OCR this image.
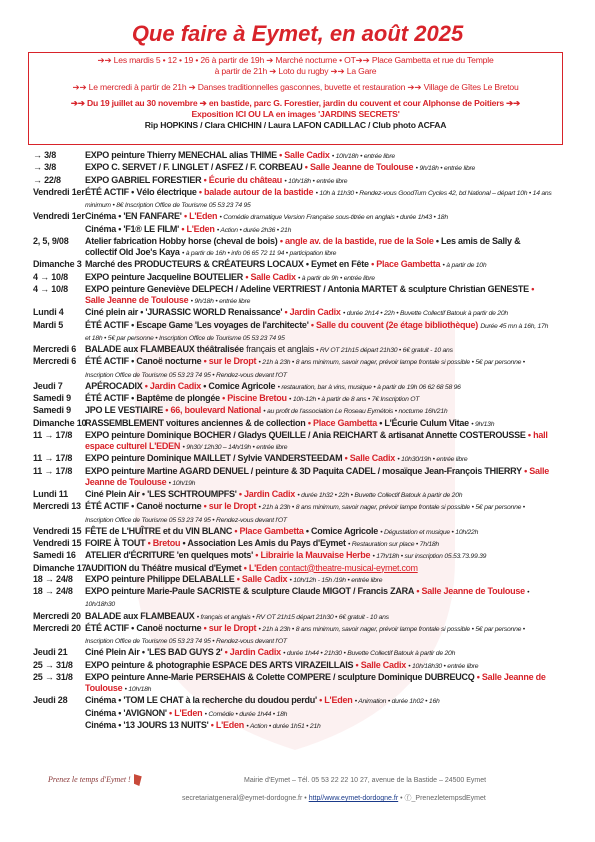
Que faire à Eymet, en août 2025
➔➔ Les mardis 5 • 12 • 19 • 26 à partir de 19h ➔ Marché nocturne • OT➔➔ Place Gambetta et rue du Temple
à partir de 21h ➔ Loto du rugby ➔➔ La Gare
➔➔ Le mercredi à partir de 21h ➔ Danses traditionnelles gasconnes, buvette et restauration ➔➔ Village de Gîtes Le Bretou
➔➔ Du 19 juillet au 30 novembre ➔ en bastide, parc G. Forestier, jardin du couvent et cour Alphonse de Poitiers ➔➔
Exposition ICI OU LA en images 'JARDINS SECRETS'
Rip HOPKINS / Clara CHICHIN / Laura LAFON CADILLAC / Club photo ACFAA
→ 3/8	EXPO peinture Thierry MENECHAL alias THIME • Salle Cadix • 10h/18h • entrée libre
→ 3/8	EXPO C. SERVET / F. LINGLET / ASFEZ / F. CORBEAU • Salle Jeanne de Toulouse • 9h/18h • entrée libre
→ 22/8	EXPO GABRIEL FORESTIER • Écurie du château • 10h/18h • entrée libre
Vendredi 1er ÉTÉ ACTIF • Vélo électrique • balade autour de la bastide • 10h à 11h30 • Rendez-vous GoodTurn Cycles 42, bd National – départ 10h • 14 ans minimum • 8€ Inscription Office de Tourisme 05 53 23 74 95
Vendredi 1er Cinéma • 'EN FANFARE' • L'Eden • Comédie dramatique Version Française sous-titrée en anglais • durée 1h43 • 18h
Cinéma • 'F1® LE FILM' • L'Eden • Action • durée 2h36 • 21h
2, 5, 9/08	Atelier fabrication Hobby horse (cheval de bois) • angle av. de la bastide, rue de la Sole • Les amis de Sally & collectif Old Joe's Kaya • à partir de 16h • info 06 65 72 11 94 • participation libre
Dimanche 3 Marché des PRODUCTEURS & CRÉATEURS LOCAUX • Eymet en Fête • Place Gambetta • à partir de 10h
4 → 10/8	EXPO peinture Jacqueline BOUTELIER • Salle Cadix • à partir de 9h • entrée libre
4 → 10/8	EXPO peinture Geneviève DELPECH / Adeline VERTRIEST / Antonia MARTET & sculpture Christian GENESTE • Salle Jeanne de Toulouse • 9h/18h • entrée libre
Lundi 4	Ciné plein air • 'JURASSIC WORLD Renaissance' • Jardin Cadix • durée 2h14 • 22h • Buvette Collectif Batouk à partir de 20h
Mardi 5	ÉTÉ ACTIF • Escape Game 'Les voyages de l'architecte' • Salle du couvent (2e étage bibliothèque) Durée 45 mn à 16h, 17h et 18h • 5€ par personne • Inscription Office de Tourisme 05 53 23 74 95
Mercredi 6 BALADE aux FLAMBEAUX théâtralisée français et anglais • RV OT 21h15 départ 21h30 • 6€ gratuit - 10 ans
Mercredi 6 ÉTÉ ACTIF • Canoë nocturne • sur le Dropt • 21h à 23h • 8 ans minimum, savoir nager, prévoir lampe frontale si possible • 5€ par personne • Inscription Office de Tourisme 05 53 23 74 95 • Rendez-vous devant l'OT
Jeudi 7	APÉROCADIX • Jardin Cadix • Comice Agricole • restauration, bar à vins, musique • à partir de 19h 06 62 68 58 96
Samedi 9	ÉTÉ ACTIF • Baptême de plongée • Piscine Bretou • 10h-12h • à partir de 8 ans • 7€ Inscription OT
Samedi 9	JPO LE VESTIAIRE • 66, boulevard National • au profit de l'association Le Roseau Eymétois • nocturne 16h/21h
Dimanche 10
RASSEMBLEMENT voitures anciennes & de collection • Place Gambetta • L'Écurie Culum Vitae • 9h/13h
11 → 17/8	EXPO peinture Dominique BOCHER / Gladys QUEILLE / Ania REICHART & artisanat Annette COSTEROUSSE • hall espace culturel L'EDEN • 9h30/ 12h30 – 14h/19h • entrée libre
11 → 17/8	EXPO peinture Dominique MAILLET / Sylvie VANDERSTEEDAM • Salle Cadix • 10h30/19h • entrée libre
11 → 17/8	EXPO peinture Martine AGARD DENUEL / peinture & 3D Paquita CADEL / mosaïque Jean-François THIERRY • Salle Jeanne de Toulouse • 10h/19h
Lundi 11	Ciné Plein Air • 'LES SCHTROUMPFS' • Jardin Cadix • durée 1h32 • 22h • Buvette Collectif Batouk à partir de 20h
Mercredi 13 ÉTÉ ACTIF • Canoë nocturne • sur le Dropt • 21h à 23h • 8 ans minimum, savoir nager, prévoir lampe frontale si possible • 5€ par personne • Inscription Office de Tourisme 05 53 23 74 95 • Rendez-vous devant l'OT
Vendredi 15 FÊTE de L'HUÎTRE et du VIN BLANC • Place Gambetta • Comice Agricole • Dégustation et musique • 10h/22h
Vendredi 15 FOIRE À TOUT • Bretou • Association Les Amis du Pays d'Eymet • Restauration sur place • 7h/18h
Samedi 16	ATELIER d'ÉCRITURE 'en quelques mots' • Librairie la Mauvaise Herbe • 17h/18h • sur inscription 05.53.73.99.39
Dimanche 17
AUDITION du Théâtre musical d'Eymet • L'Eden contact@theatre-musical-eymet.com
18 → 24/8	EXPO peinture Philippe DELABALLE • Salle Cadix • 10h/12h - 15h /19h • entrée libre
18 → 24/8	EXPO peinture Marie-Paule SACRISTE & sculpture Claude MIGOT / Francis ZARA • Salle Jeanne de Toulouse • 10h/18h30
Mercredi 20 BALADE aux FLAMBEAUX • français et anglais • RV OT 21h15 départ 21h30 • 6€ gratuit - 10 ans
Mercredi 20 ÉTÉ ACTIF • Canoë nocturne • sur le Dropt • 21h à 23h • 8 ans minimum, savoir nager, prévoir lampe frontale si possible • 5€ par personne • Inscription Office de Tourisme 05 53 23 74 95 • Rendez-vous devant l'OT
Jeudi 21	Ciné Plein Air • 'LES BAD GUYS 2' • Jardin Cadix • durée 1h44 • 21h30 • Buvette Collectif Batouk à partir de 20h
25 → 31/8	EXPO peinture & photographie ESPACE DES ARTS VIRAZEILLAIS • Salle Cadix • 10h/18h30 • entrée libre
25 → 31/8	EXPO peinture Anne-Marie PERSEHAIS & Colette COMPERE / sculpture Dominique DUBREUCQ • Salle Jeanne de Toulouse • 10h/18h
Jeudi 28	Cinéma • 'TOM LE CHAT à la recherche du doudou perdu' • L'Eden • Animation • durée 1h02 • 16h
Cinéma • 'AVIGNON' • L'Eden • Comédie • durée 1h44 • 18h
Cinéma • '13 JOURS 13 NUITS' • L'Eden • Action • durée 1h51 • 21h
Prenez le temps d'Eymet !	Mairie d'Eymet – Tél. 05 53 22 22 10 27, avenue de la Bastide – 24500 Eymet
secretariatgeneral@eymet-dordogne.fr • http//www.eymet-dordogne.fr • ⓕ_PrenezletempsdEymet
